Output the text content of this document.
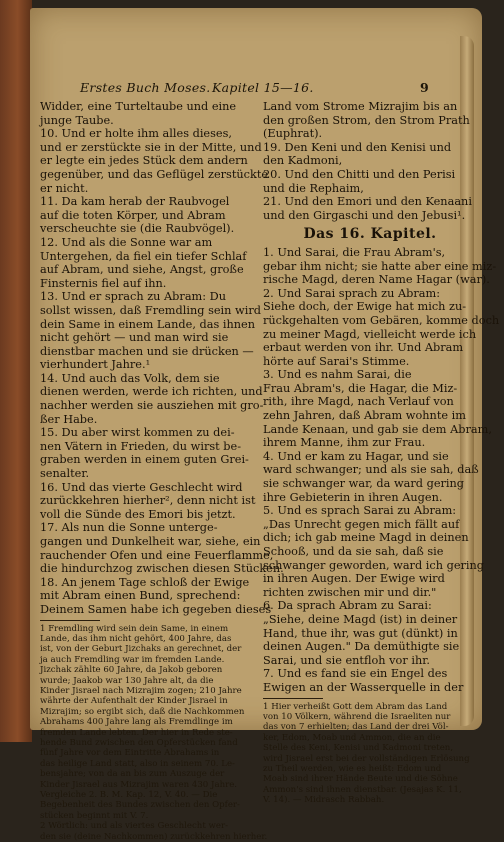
Erstes Buch Moses. Kapitel 15—16.	9
Widder, eine Turteltaube und eine
junge Taube.
10. Und er holte ihm alles dieses,
und er zerstückte sie in der Mitte, und
er legte ein jedes Stück dem andern
gegenüber, und das Geflügel zerstückte
er nicht.
11. Da kam herab der Raubvogel
auf die toten Körper, und Abram
verscheuchte sie (die Raubvögel).
12. Und als die Sonne war am
Untergehen, da fiel ein tiefer Schlaf
auf Abram, und siehe, Angst, große
Finsternis fiel auf ihn.
13. Und er sprach zu Abram: Du
sollst wissen, daß Fremdling sein wird
dein Same in einem Lande, das ihnen
nicht gehört — und man wird sie
dienstbar machen und sie drücken —
vierhundert Jahre.¹
14. Und auch das Volk, dem sie
dienen werden, werde ich richten, und
nachher werden sie ausziehen mit gro-
ßer Habe.
15. Du aber wirst kommen zu dei-
nen Vätern in Frieden, du wirst be-
graben werden in einem guten Grei-
senalter.
16. Und das vierte Geschlecht wird
zurückkehren hierher², denn nicht ist
voll die Sünde des Emori bis jetzt.
17. Als nun die Sonne unterge-
gangen und Dunkelheit war, siehe, ein
rauchender Ofen und eine Feuerflamme,
die hindurchzog zwischen diesen Stücken.
18. An jenem Tage schloß der Ewige
mit Abram einen Bund, sprechend:
Deinem Samen habe ich gegeben dieses
1 Fremdling wird sein dein Same, in einem
Lande, das ihm nicht gehört, 400 Jahre, das
ist, von der Geburt Jizchaks an gerechnet, der
ja auch Fremdling war im fremden Lande.
Jizchak zählte 60 Jahre, da Jakob geboren
wurde; Jaakob war 130 Jahre alt, da die
Kinder Jisrael nach Mizrajim zogen; 210 Jahre
währte der Aufenthalt der Kinder Jisrael in
Mizrajim; so ergibt sich, daß die Nachkommen
Abrahams 400 Jahre lang als Fremdlinge im
fremden Lande lebten. Der hier in Rede ste-
hende Bund zwischen den Opferstücken fand
fünf Jahre vor dem Eintritte Abrahams in
das heilige Land statt, also in seinem 70. Le-
bensjahre; von da an bis zum Auszuge der
Kinder Jisrael aus Mizrajim waren 430 Jahre.
Vergleiche 2. B. M. Kap. 12, V. 40. — Die
Begebenheit des Bundes zwischen den Opfer-
stücken beginnt mit V. 7.
2 Wörtlich: und als viertes Geschlecht wer-
den sie (deine Nachkommen) zurückkehren hierher.
Land vom Strome Mizrajim bis an
den großen Strom, den Strom Prath
(Euphrat).
19. Den Keni und den Kenisi und
den Kadmoni,
20. Und den Chitti und den Perisi
und die Rephaim,
21. Und den Emori und den Kenaani
und den Girgaschi und den Jebusi¹.
Das 16. Kapitel.
1. Und Sarai, die Frau Abram's,
gebar ihm nicht; sie hatte aber eine miz-
rische Magd, deren Name Hagar (war).
2. Und Sarai sprach zu Abram:
Siehe doch, der Ewige hat mich zu-
rückgehalten vom Gebären, komme doch
zu meiner Magd, vielleicht werde ich
erbaut werden von ihr. Und Abram
hörte auf Sarai's Stimme.
3. Und es nahm Sarai, die
Frau Abram's, die Hagar, die Miz-
rith, ihre Magd, nach Verlauf von
zehn Jahren, daß Abram wohnte im
Lande Kenaan, und gab sie dem Abram,
ihrem Manne, ihm zur Frau.
4. Und er kam zu Hagar, und sie
ward schwanger; und als sie sah, daß
sie schwanger war, da ward gering
ihre Gebieterin in ihren Augen.
5. Und es sprach Sarai zu Abram:
„Das Unrecht gegen mich fällt auf
dich; ich gab meine Magd in deinen
Schooß, und da sie sah, daß sie
schwanger geworden, ward ich gering
in ihren Augen. Der Ewige wird
richten zwischen mir und dir."
6. Da sprach Abram zu Sarai:
„Siehe, deine Magd (ist) in deiner
Hand, thue ihr, was gut (dünkt) in
deinen Augen." Da demüthigte sie
Sarai, und sie entfloh vor ihr.
7. Und es fand sie ein Engel des
Ewigen an der Wasserquelle in der
1 Hier verheißt Gott dem Abram das Land
von 10 Völkern, während die Israeliten nur
das von 7 erhielten; das Land der drei Völ-
ker, Edom, Moab und Ammon, die an die
Stelle des Keni, Kenisi und Kadmoni treten,
wird Jisrael erst bei der vollständigen Erlösung
zu Theil werden, wie es heißt: Edom und
Moab sind ihrer Hände Beute und die Söhne
Ammon's sind ihnen dienstbar. (Jesajas K. 11,
V. 14). — Midrasch Rabbah.
